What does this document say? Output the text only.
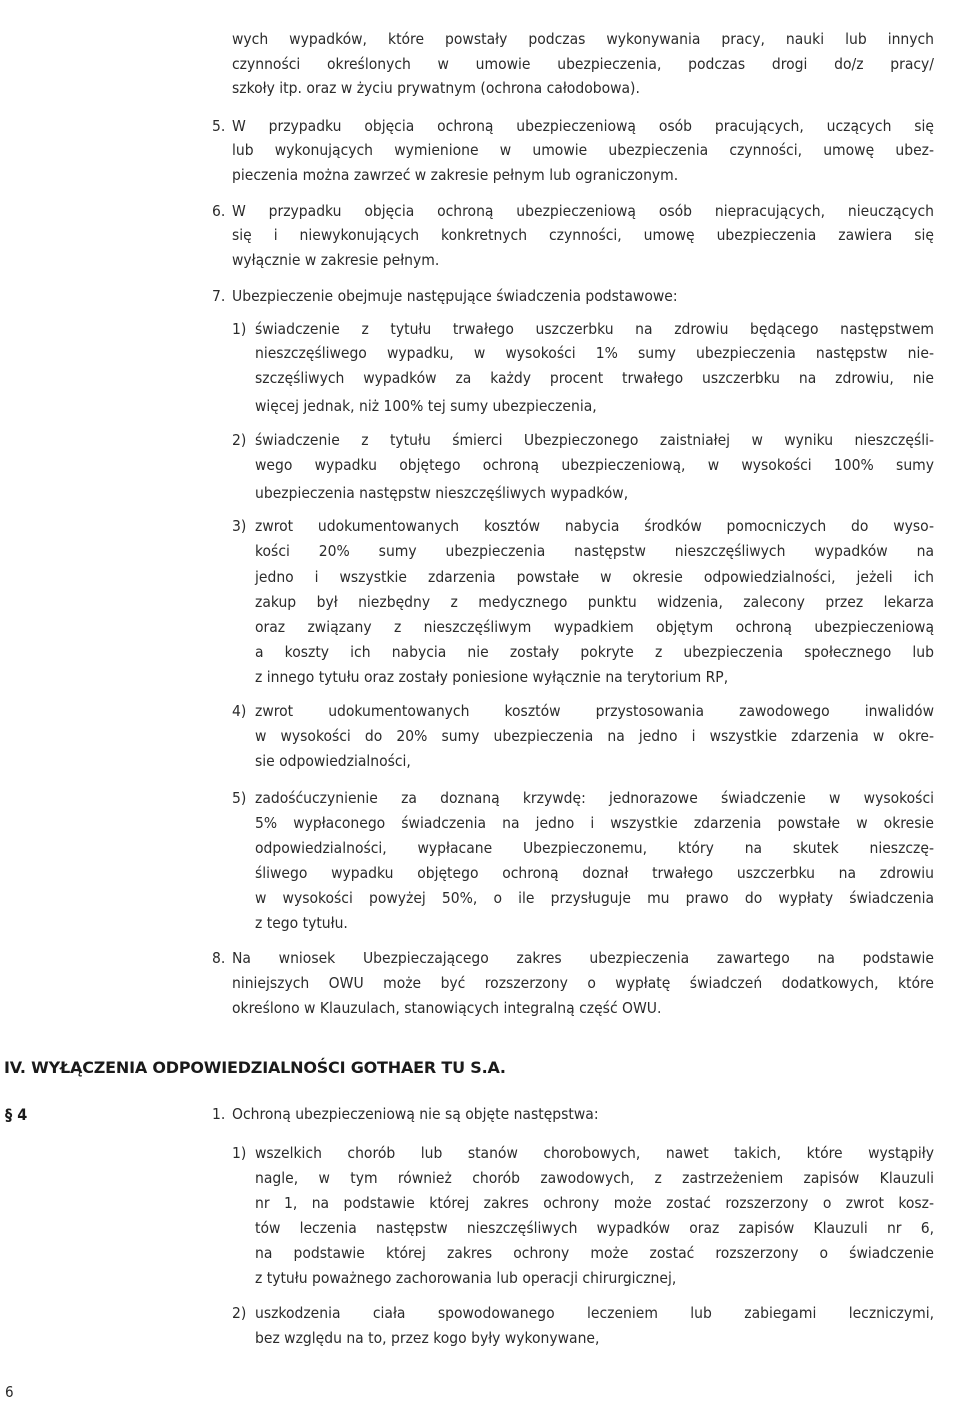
wych wypadków, które powstały podczas wykonywania pracy, nauki lub innych
czynności określonych w umowie ubezpieczenia, podczas drogi do/z pracy/
szkoły itp. oraz w życiu prywatnym (ochrona całodobowa).
5. W przypadku objęcia ochroną ubezpieczeniową osób pracujących, uczących się
lub wykonujących wymienione w umowie ubezpieczenia czynności, umowę ubez-
pieczenia można zawrzeć w zakresie pełnym lub ograniczonym.
6. W przypadku objęcia ochroną ubezpieczeniową osób niepracujących, nieuczących
się i niewykonujących konkretnych czynności, umowę ubezpieczenia zawiera się
wyłącznie w zakresie pełnym.
7. Ubezpieczenie obejmuje następujące świadczenia podstawowe:
1) świadczenie z tytułu trwałego uszczerbku na zdrowiu będącego następstwem
nieszczęśliwego wypadku, w wysokości 1% sumy ubezpieczenia następstw nie-
szczęśliwych wypadków za każdy procent trwałego uszczerbku na zdrowiu, nie
więcej jednak, niż 100% tej sumy ubezpieczenia,
2) świadczenie z tytułu śmierci Ubezpieczonego zaistniałej w wyniku nieszczęśli-
wego wypadku objętego ochroną ubezpieczeniową, w wysokości 100% sumy
ubezpieczenia następstw nieszczęśliwych wypadków,
3) zwrot udokumentowanych kosztów nabycia środków pomocniczych do wyso-
kości 20% sumy ubezpieczenia następstw nieszczęśliwych wypadków na
jedno i wszystkie zdarzenia powstałe w okresie odpowiedzialności, jeżeli ich
zakup był niezbędny z medycznego punktu widzenia, zalecony przez lekarza
oraz związany z nieszczęśliwym wypadkiem objętym ochroną ubezpieczeniową
a koszty ich nabycia nie zostały pokryte z ubezpieczenia społecznego lub
z innego tytułu oraz zostały poniesione wyłącznie na terytorium RP,
4) zwrot udokumentowanych kosztów przystosowania zawodowego inwalidów
w wysokości do 20% sumy ubezpieczenia na jedno i wszystkie zdarzenia w okre-
sie odpowiedzialności,
5) zadośćuczynienie za doznaną krzywdę: jednorazowe świadczenie w wysokości
5% wypłaconego świadczenia na jedno i wszystkie zdarzenia powstałe w okresie
odpowiedzialności, wypłacane Ubezpieczonemu, który na skutek nieszczę-
śliwego wypadku objętego ochroną doznał trwałego uszczerbku na zdrowiu
w wysokości powyżej 50%, o ile przysługuje mu prawo do wypłaty świadczenia
z tego tytułu.
8. Na wniosek Ubezpieczającego zakres ubezpieczenia zawartego na podstawie
niniejszych OWU może być rozszerzony o wypłatę świadczeń dodatkowych, które
określono w Klauzulach, stanowiących integralną część OWU.
IV. WYŁĄCZENIA ODPOWIEDZIALNOŚCI GOTHAER TU S.A.
§ 4	1. Ochroną ubezpieczeniową nie są objęte następstwa:
1) wszelkich chorób lub stanów chorobowych, nawet takich, które wystąpiły
nagle, w tym również chorób zawodowych, z zastrzeżeniem zapisów Klauzuli
nr 1, na podstawie której zakres ochrony może zostać rozszerzony o zwrot kosz-
tów leczenia następstw nieszczęśliwych wypadków oraz zapisów Klauzuli nr 6,
na podstawie której zakres ochrony może zostać rozszerzony o świadczenie
z tytułu poważnego zachorowania lub operacji chirurgicznej,
2) uszkodzenia ciała spowodowanego leczeniem lub zabiegami leczniczymi,
bez względu na to, przez kogo były wykonywane,
6
